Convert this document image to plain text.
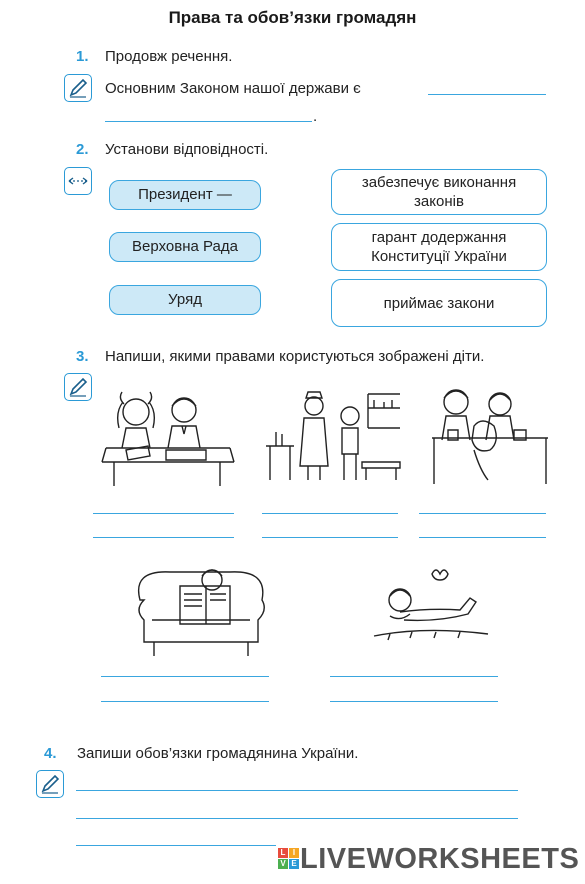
Права та обов’язки громадян
1. Продовж речення.
Основним Законом нашої держави є
.
2. Установи відповідності.
Президент —
Верховна Рада
Уряд
забезпечує виконання
законів
гарант додержання
Конституції України
приймає закони
3. Напиши, якими правами користуються зображені діти.
4. Запиши обов’язки громадянина України.
L I
V E LIVEWORKSHEETS
